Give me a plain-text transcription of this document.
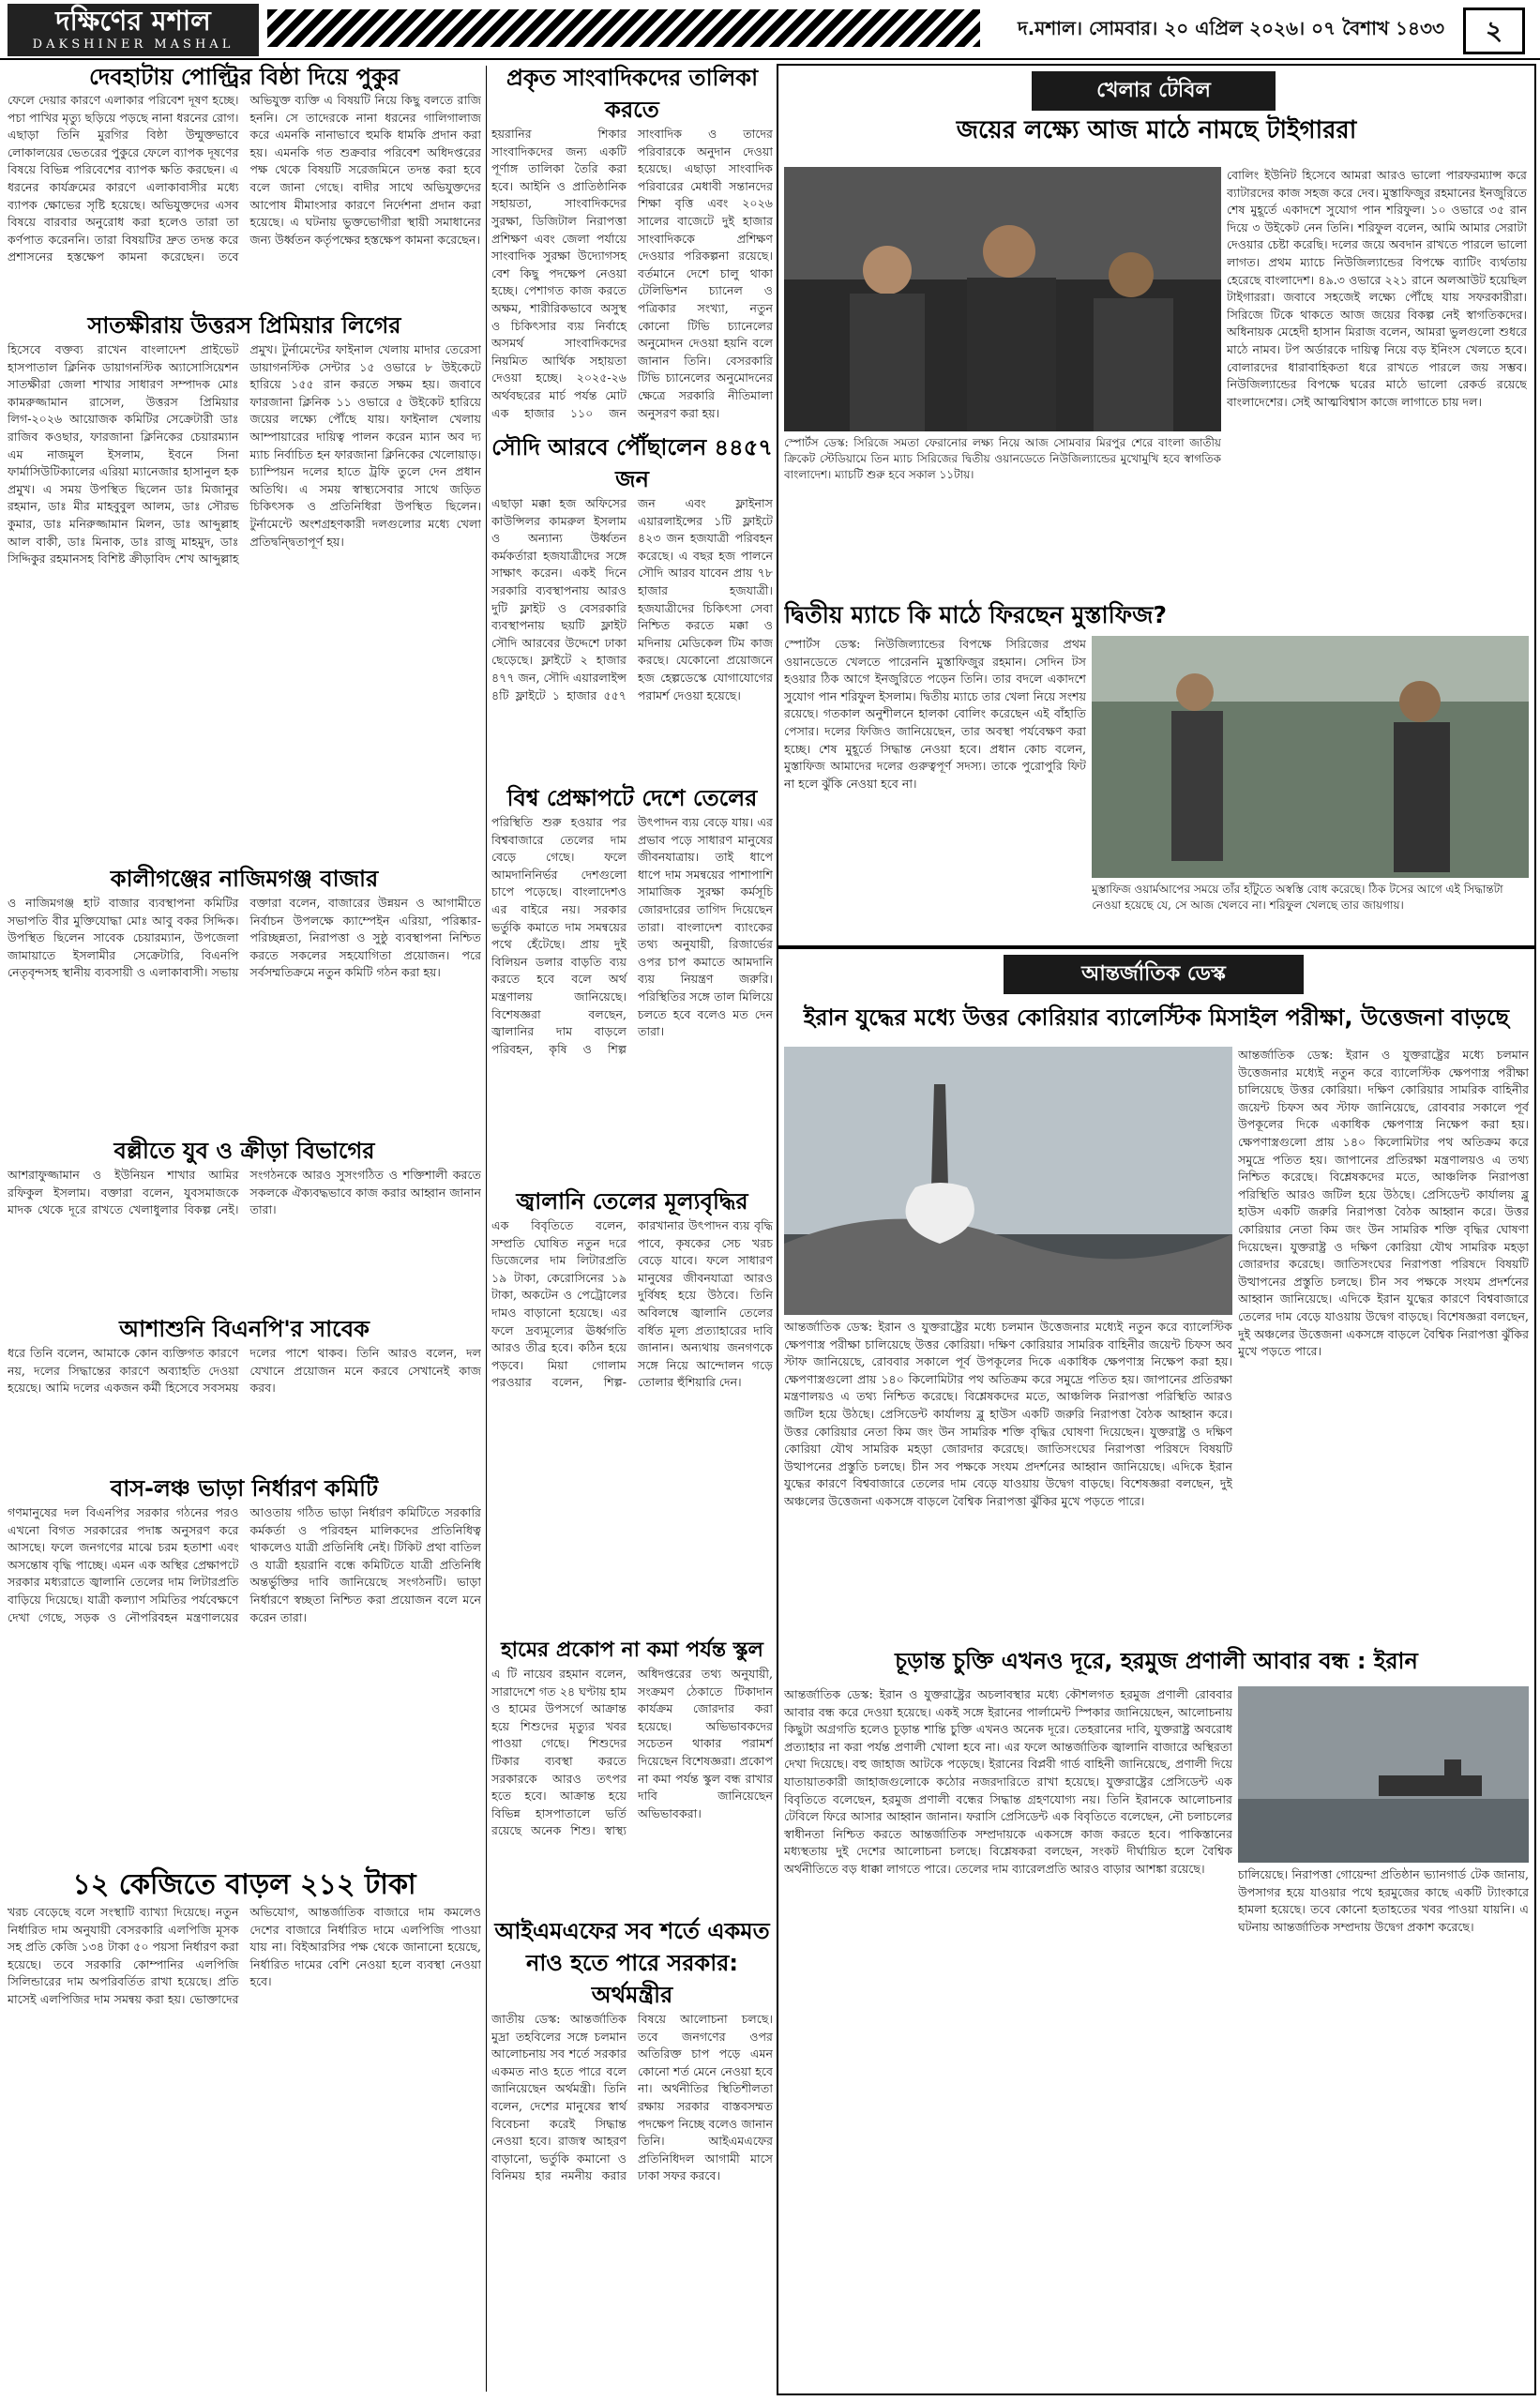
দক্ষিণের মশাল
DAKSHINER MASHAL
দ.মশাল। সোমবার। ২০ এপ্রিল ২০২৬। ০৭ বৈশাখ ১৪৩৩	২
দেবহাটায় পোল্ট্রির বিষ্ঠা দিয়ে পুকুর
ফেলে দেয়ার কারণে এলাকার পরিবেশ দূষণ হচ্ছে। পচা পাখির মৃত্যু ছড়িয়ে পড়ছে নানা ধরনের রোগ। এছাড়া তিনি মুরগির বিষ্ঠা উন্মুক্তভাবে লোকালয়ের ভেতরের পুকুরে ফেলে ব্যাপক দূষণের বিষয়ে বিভিন্ন পরিবেশের ব্যাপক ক্ষতি করছেন। এ ধরনের কার্যক্রমের কারণে এলাকাবাসীর মধ্যে ব্যাপক ক্ষোভের সৃষ্টি হয়েছে। অভিযুক্তদের এসব বিষয়ে বারবার অনুরোধ করা হলেও তারা তা কর্ণপাত করেননি। তারা বিষয়টির দ্রুত তদন্ত করে প্রশাসনের হস্তক্ষেপ কামনা করেছেন। তবে অভিযুক্ত ব্যক্তি এ বিষয়টি নিয়ে কিছু বলতে রাজি হননি। সে তাদেরকে নানা ধরনের গালিগালাজ করে এমনকি নানাভাবে হুমকি ধামকি প্রদান করা হয়। এমনকি গত শুক্রবার পরিবেশ অধিদপ্তরের পক্ষ থেকে বিষয়টি সরেজমিনে তদন্ত করা হবে বলে জানা গেছে। বাদীর সাথে অভিযুক্তদের আপোষ মীমাংসার কারণে নির্দেশনা প্রদান করা হয়েছে। এ ঘটনায় ভুক্তভোগীরা স্থায়ী সমাধানের জন্য উর্ধ্বতন কর্তৃপক্ষের হস্তক্ষেপ কামনা করেছেন।
সাতক্ষীরায় উত্তরস প্রিমিয়ার লিগের
হিসেবে বক্তব্য রাখেন বাংলাদেশ প্রাইভেট হাসপাতাল ক্লিনিক ডায়াগনস্টিক অ্যাসোসিয়েশন সাতক্ষীরা জেলা শাখার সাধারণ সম্পাদক মোঃ কামরুজ্জামান রাসেল, উত্তরস প্রিমিয়ার লিগ-২০২৬ আয়োজক কমিটির সেক্রেটারী ডাঃ রাজিব কওছার, ফারজানা ক্লিনিকের চেয়ারম্যান এম নাজমুল ইসলাম, ইবনে সিনা ফার্মাসিউটিক্যালের এরিয়া ম্যানেজার হাসানুল হক প্রমুখ। এ সময় উপস্থিত ছিলেন ডাঃ মিজানুর রহমান, ডাঃ মীর মাহবুবুল আলম, ডাঃ সৌরভ কুমার, ডাঃ মনিরুজ্জামান মিলন, ডাঃ আব্দুল্লাহ আল বাকী, ডাঃ মিনাক, ডাঃ রাজু মাহমুদ, ডাঃ সিদ্দিকুর রহমানসহ বিশিষ্ট ক্রীড়াবিদ শেখ আব্দুল্লাহ প্রমুখ। টুর্নামেন্টের ফাইনাল খেলায় মাদার তেরেসা ডায়াগনস্টিক সেন্টার ১৫ ওভারে ৮ উইকেটে হারিয়ে ১৫৫ রান করতে সক্ষম হয়। জবাবে ফারজানা ক্লিনিক ১১ ওভারে ৫ উইকেট হারিয়ে জয়ের লক্ষ্যে পৌঁছে যায়। ফাইনাল খেলায় আম্পায়ারের দায়িত্ব পালন করেন ম্যান অব দ্য ম্যাচ নির্বাচিত হন ফারজানা ক্লিনিকের খেলোয়াড়। চ্যাম্পিয়ন দলের হাতে ট্রফি তুলে দেন প্রধান অতিথি। এ সময় স্বাস্থ্যসেবার সাথে জড়িত চিকিৎসক ও প্রতিনিধিরা উপস্থিত ছিলেন। টুর্নামেন্টে অংশগ্রহণকারী দলগুলোর মধ্যে খেলা প্রতিদ্বন্দ্বিতাপূর্ণ হয়।
কালীগঞ্জের নাজিমগঞ্জ বাজার
ও নাজিমগঞ্জ হাট বাজার ব্যবস্থাপনা কমিটির সভাপতি বীর মুক্তিযোদ্ধা মোঃ আবু বকর সিদ্দিক। উপস্থিত ছিলেন সাবেক চেয়ারম্যান, উপজেলা জামায়াতে ইসলামীর সেক্রেটারি, বিএনপি নেতৃবৃন্দসহ স্থানীয় ব্যবসায়ী ও এলাকাবাসী। সভায় বক্তারা বলেন, বাজারের উন্নয়ন ও আগামীতে নির্বাচন উপলক্ষে ক্যাম্পেইন এরিয়া, পরিষ্কার-পরিচ্ছন্নতা, নিরাপত্তা ও সুষ্ঠু ব্যবস্থাপনা নিশ্চিত করতে সকলের সহযোগিতা প্রয়োজন। পরে সর্বসম্মতিক্রমে নতুন কমিটি গঠন করা হয়।
বল্লীতে যুব ও ক্রীড়া বিভাগের
আশরাফুজ্জামান ও ইউনিয়ন শাখার আমির রফিকুল ইসলাম। বক্তারা বলেন, যুবসমাজকে মাদক থেকে দূরে রাখতে খেলাধুলার বিকল্প নেই। সংগঠনকে আরও সুসংগঠিত ও শক্তিশালী করতে সকলকে ঐক্যবদ্ধভাবে কাজ করার আহ্বান জানান তারা।
আশাশুনি বিএনপি'র সাবেক
ধরে তিনি বলেন, আমাকে কোন ব্যক্তিগত কারণে নয়, দলের সিদ্ধান্তের কারণে অব্যাহতি দেওয়া হয়েছে। আমি দলের একজন কর্মী হিসেবে সবসময় দলের পাশে থাকব। তিনি আরও বলেন, দল যেখানে প্রয়োজন মনে করবে সেখানেই কাজ করব।
বাস-লঞ্চ ভাড়া নির্ধারণ কমিটি
গণমানুষের দল বিএনপির সরকার গঠনের পরও এখনো বিগত সরকারের পদাঙ্ক অনুসরণ করে আসছে। ফলে জনগণের মাঝে চরম হতাশা এবং অসন্তোষ বৃদ্ধি পাচ্ছে। এমন এক অস্থির প্রেক্ষাপটে সরকার মধ্যরাতে জ্বালানি তেলের দাম লিটারপ্রতি বাড়িয়ে দিয়েছে। যাত্রী কল্যাণ সমিতির পর্যবেক্ষণে দেখা গেছে, সড়ক ও নৌপরিবহন মন্ত্রণালয়ের আওতায় গঠিত ভাড়া নির্ধারণ কমিটিতে সরকারি কর্মকর্তা ও পরিবহন মালিকদের প্রতিনিধিত্ব থাকলেও যাত্রী প্রতিনিধি নেই। টিকিট প্রথা বাতিল ও যাত্রী হয়রানি বন্ধে কমিটিতে যাত্রী প্রতিনিধি অন্তর্ভুক্তির দাবি জানিয়েছে সংগঠনটি। ভাড়া নির্ধারণে স্বচ্ছতা নিশ্চিত করা প্রয়োজন বলে মনে করেন তারা।
১২ কেজিতে বাড়ল ২১২ টাকা
খরচ বেড়েছে বলে সংস্থাটি ব্যাখ্যা দিয়েছে। নতুন নির্ধারিত দাম অনুযায়ী বেসরকারি এলপিজি মূসক সহ প্রতি কেজি ১৩৪ টাকা ৫০ পয়সা নির্ধারণ করা হয়েছে। তবে সরকারি কোম্পানির এলপিজি সিলিন্ডারের দাম অপরিবর্তিত রাখা হয়েছে। প্রতি মাসেই এলপিজির দাম সমন্বয় করা হয়। ভোক্তাদের অভিযোগ, আন্তর্জাতিক বাজারে দাম কমলেও দেশের বাজারে নির্ধারিত দামে এলপিজি পাওয়া যায় না। বিইআরসির পক্ষ থেকে জানানো হয়েছে, নির্ধারিত দামের বেশি নেওয়া হলে ব্যবস্থা নেওয়া হবে।
প্রকৃত সাংবাদিকদের তালিকা করতে
হয়রানির শিকার সাংবাদিকদের জন্য একটি পূর্ণাঙ্গ তালিকা তৈরি করা হবে। আইনি ও প্রাতিষ্ঠানিক সহায়তা, সাংবাদিকদের সুরক্ষা, ডিজিটাল নিরাপত্তা প্রশিক্ষণ এবং জেলা পর্যায়ে সাংবাদিক সুরক্ষা উদ্যোগসহ বেশ কিছু পদক্ষেপ নেওয়া হচ্ছে। পেশাগত কাজ করতে অক্ষম, শারীরিকভাবে অসুস্থ ও চিকিৎসার ব্যয় নির্বাহে অসমর্থ সাংবাদিকদের নিয়মিত আর্থিক সহায়তা দেওয়া হচ্ছে। ২০২৫-২৬ অর্থবছরের মার্চ পর্যন্ত মোট এক হাজার ১১০ জন সাংবাদিক ও তাদের পরিবারকে অনুদান দেওয়া হয়েছে। এছাড়া সাংবাদিক পরিবারের মেধাবী সন্তানদের শিক্ষা বৃত্তি এবং ২০২৬ সালের বাজেটে দুই হাজার সাংবাদিককে প্রশিক্ষণ দেওয়ার পরিকল্পনা রয়েছে। বর্তমানে দেশে চালু থাকা টেলিভিশন চ্যানেল ও পত্রিকার সংখ্যা, নতুন কোনো টিভি চ্যানেলের অনুমোদন দেওয়া হয়নি বলে জানান তিনি। বেসরকারি টিভি চ্যানেলের অনুমোদনের ক্ষেত্রে সরকারি নীতিমালা অনুসরণ করা হয়।
সৌদি আরবে পৌঁছালেন ৪৪৫৭ জন
এছাড়া মক্কা হজ অফিসের কাউন্সিলর কামরুল ইসলাম ও অন্যান্য উর্ধ্বতন কর্মকর্তারা হজযাত্রীদের সঙ্গে সাক্ষাৎ করেন। একই দিনে সরকারি ব্যবস্থাপনায় আরও দুটি ফ্লাইট ও বেসরকারি ব্যবস্থাপনায় ছয়টি ফ্লাইট সৌদি আরবের উদ্দেশে ঢাকা ছেড়েছে। ফ্লাইটে ২ হাজার ৪৭৭ জন, সৌদি এয়ারলাইন্স ৪টি ফ্লাইটে ১ হাজার ৫৫৭ জন এবং ফ্লাইনাস এয়ারলাইন্সের ১টি ফ্লাইটে ৪২৩ জন হজযাত্রী পরিবহন করেছে। এ বছর হজ পালনে সৌদি আরব যাবেন প্রায় ৭৮ হাজার হজযাত্রী। হজযাত্রীদের চিকিৎসা সেবা নিশ্চিত করতে মক্কা ও মদিনায় মেডিকেল টিম কাজ করছে। যেকোনো প্রয়োজনে হজ হেল্পডেস্কে যোগাযোগের পরামর্শ দেওয়া হয়েছে।
বিশ্ব প্রেক্ষাপটে দেশে তেলের
পরিস্থিতি শুরু হওয়ার পর বিশ্ববাজারে তেলের দাম বেড়ে গেছে। ফলে আমদানিনির্ভর দেশগুলো চাপে পড়েছে। বাংলাদেশও এর বাইরে নয়। সরকার ভর্তুকি কমাতে দাম সমন্বয়ের পথে হেঁটেছে। প্রায় দুই বিলিয়ন ডলার বাড়তি ব্যয় করতে হবে বলে অর্থ মন্ত্রণালয় জানিয়েছে। বিশেষজ্ঞরা বলছেন, জ্বালানির দাম বাড়লে পরিবহন, কৃষি ও শিল্প উৎপাদন ব্যয় বেড়ে যায়। এর প্রভাব পড়ে সাধারণ মানুষের জীবনযাত্রায়। তাই ধাপে ধাপে দাম সমন্বয়ের পাশাপাশি সামাজিক সুরক্ষা কর্মসূচি জোরদারের তাগিদ দিয়েছেন তারা। বাংলাদেশ ব্যাংকের তথ্য অনুযায়ী, রিজার্ভের ওপর চাপ কমাতে আমদানি ব্যয় নিয়ন্ত্রণ জরুরি। পরিস্থিতির সঙ্গে তাল মিলিয়ে চলতে হবে বলেও মত দেন তারা।
জ্বালানি তেলের মূল্যবৃদ্ধির
এক বিবৃতিতে বলেন, সম্প্রতি ঘোষিত নতুন দরে ডিজেলের দাম লিটারপ্রতি ১৯ টাকা, কেরোসিনের ১৯ টাকা, অকটেন ও পেট্রোলের দামও বাড়ানো হয়েছে। এর ফলে দ্রব্যমূল্যের ঊর্ধ্বগতি আরও তীব্র হবে। কঠিন হয়ে পড়বে। মিয়া গোলাম পরওয়ার বলেন, শিল্প-কারখানার উৎপাদন ব্যয় বৃদ্ধি পাবে, কৃষকের সেচ খরচ বেড়ে যাবে। ফলে সাধারণ মানুষের জীবনযাত্রা আরও দুর্বিষহ হয়ে উঠবে। তিনি অবিলম্বে জ্বালানি তেলের বর্ধিত মূল্য প্রত্যাহারের দাবি জানান। অন্যথায় জনগণকে সঙ্গে নিয়ে আন্দোলন গড়ে তোলার হুঁশিয়ারি দেন।
হামের প্রকোপ না কমা পর্যন্ত স্কুল
এ টি নায়েব রহমান বলেন, সারাদেশে গত ২৪ ঘণ্টায় হাম ও হামের উপসর্গে আক্রান্ত হয়ে শিশুদের মৃত্যুর খবর পাওয়া গেছে। শিশুদের টিকার ব্যবস্থা করতে সরকারকে আরও তৎপর হতে হবে। আক্রান্ত হয়ে বিভিন্ন হাসপাতালে ভর্তি রয়েছে অনেক শিশু। স্বাস্থ্য অধিদপ্তরের তথ্য অনুযায়ী, সংক্রমণ ঠেকাতে টিকাদান কার্যক্রম জোরদার করা হয়েছে। অভিভাবকদের সচেতন থাকার পরামর্শ দিয়েছেন বিশেষজ্ঞরা। প্রকোপ না কমা পর্যন্ত স্কুল বন্ধ রাখার দাবি জানিয়েছেন অভিভাবকরা।
আইএমএফের সব শর্তে একমত নাও হতে পারে সরকার: অর্থমন্ত্রীর
জাতীয় ডেস্ক: আন্তর্জাতিক মুদ্রা তহবিলের সঙ্গে চলমান আলোচনায় সব শর্তে সরকার একমত নাও হতে পারে বলে জানিয়েছেন অর্থমন্ত্রী। তিনি বলেন, দেশের মানুষের স্বার্থ বিবেচনা করেই সিদ্ধান্ত নেওয়া হবে। রাজস্ব আহরণ বাড়ানো, ভর্তুকি কমানো ও বিনিময় হার নমনীয় করার বিষয়ে আলোচনা চলছে। তবে জনগণের ওপর অতিরিক্ত চাপ পড়ে এমন কোনো শর্ত মেনে নেওয়া হবে না। অর্থনীতির স্থিতিশীলতা রক্ষায় সরকার বাস্তবসম্মত পদক্ষেপ নিচ্ছে বলেও জানান তিনি। আইএমএফের প্রতিনিধিদল আগামী মাসে ঢাকা সফর করবে।
খেলার টেবিল
জয়ের লক্ষ্যে আজ মাঠে নামছে টাইগাররা
বোলিং ইউনিট হিসেবে আমরা আরও ভালো পারফরম্যান্স করে ব্যাটারদের কাজ সহজ করে দেব। মুস্তাফিজুর রহমানের ইনজুরিতে শেষ মুহূর্তে একাদশে সুযোগ পান শরিফুল। ১০ ওভারে ৩৫ রান দিয়ে ৩ উইকেট নেন তিনি। শরিফুল বলেন, আমি আমার সেরাটা দেওয়ার চেষ্টা করেছি। দলের জয়ে অবদান রাখতে পারলে ভালো লাগত। প্রথম ম্যাচে নিউজিল্যান্ডের বিপক্ষে ব্যাটিং ব্যর্থতায় হেরেছে বাংলাদেশ। ৪৯.৩ ওভারে ২২১ রানে অলআউট হয়েছিল টাইগাররা। জবাবে সহজেই লক্ষ্যে পৌঁছে যায় সফরকারীরা। সিরিজে টিকে থাকতে আজ জয়ের বিকল্প নেই স্বাগতিকদের। অধিনায়ক মেহেদী হাসান মিরাজ বলেন, আমরা ভুলগুলো শুধরে মাঠে নামব। টপ অর্ডারকে দায়িত্ব নিয়ে বড় ইনিংস খেলতে হবে। বোলারদের ধারাবাহিকতা ধরে রাখতে পারলে জয় সম্ভব। নিউজিল্যান্ডের বিপক্ষে ঘরের মাঠে ভালো রেকর্ড রয়েছে বাংলাদেশের। সেই আত্মবিশ্বাস কাজে লাগাতে চায় দল।
স্পোর্টস ডেস্ক: সিরিজে সমতা ফেরানোর লক্ষ্য নিয়ে আজ সোমবার মিরপুর শেরে বাংলা জাতীয় ক্রিকেট স্টেডিয়ামে তিন ম্যাচ সিরিজের দ্বিতীয় ওয়ানডেতে নিউজিল্যান্ডের মুখোমুখি হবে স্বাগতিক বাংলাদেশ। ম্যাচটি শুরু হবে সকাল ১১টায়।
দ্বিতীয় ম্যাচে কি মাঠে ফিরছেন মুস্তাফিজ?
স্পোর্টস ডেস্ক: নিউজিল্যান্ডের বিপক্ষে সিরিজের প্রথম ওয়ানডেতে খেলতে পারেননি মুস্তাফিজুর রহমান। সেদিন টস হওয়ার ঠিক আগে ইনজুরিতে পড়েন তিনি। তার বদলে একাদশে সুযোগ পান শরিফুল ইসলাম। দ্বিতীয় ম্যাচে তার খেলা নিয়ে সংশয় রয়েছে। গতকাল অনুশীলনে হালকা বোলিং করেছেন এই বাঁহাতি পেসার। দলের ফিজিও জানিয়েছেন, তার অবস্থা পর্যবেক্ষণ করা হচ্ছে। শেষ মুহূর্তে সিদ্ধান্ত নেওয়া হবে। প্রধান কোচ বলেন, মুস্তাফিজ আমাদের দলের গুরুত্বপূর্ণ সদস্য। তাকে পুরোপুরি ফিট না হলে ঝুঁকি নেওয়া হবে না।
মুস্তাফিজ ওয়ার্মআপের সময়ে তাঁর হাঁটুতে অস্বস্তি বোধ করেছে। ঠিক টসের আগে এই সিদ্ধান্তটা নেওয়া হয়েছে যে, সে আজ খেলবে না। শরিফুল খেলছে তার জায়গায়।
আন্তর্জাতিক ডেস্ক
ইরান যুদ্ধের মধ্যে উত্তর কোরিয়ার ব্যালেস্টিক মিসাইল পরীক্ষা, উত্তেজনা বাড়ছে
আন্তর্জাতিক ডেস্ক: ইরান ও যুক্তরাষ্ট্রের মধ্যে চলমান উত্তেজনার মধ্যেই নতুন করে ব্যালেস্টিক ক্ষেপণাস্ত্র পরীক্ষা চালিয়েছে উত্তর কোরিয়া। দক্ষিণ কোরিয়ার সামরিক বাহিনীর জয়েন্ট চিফস অব স্টাফ জানিয়েছে, রোববার সকালে পূর্ব উপকূলের দিকে একাধিক ক্ষেপণাস্ত্র নিক্ষেপ করা হয়। ক্ষেপণাস্ত্রগুলো প্রায় ১৪০ কিলোমিটার পথ অতিক্রম করে সমুদ্রে পতিত হয়। জাপানের প্রতিরক্ষা মন্ত্রণালয়ও এ তথ্য নিশ্চিত করেছে। বিশ্লেষকদের মতে, আঞ্চলিক নিরাপত্তা পরিস্থিতি আরও জটিল হয়ে উঠছে। প্রেসিডেন্ট কার্যালয় ব্লু হাউস একটি জরুরি নিরাপত্তা বৈঠক আহ্বান করে। উত্তর কোরিয়ার নেতা কিম জং উন সামরিক শক্তি বৃদ্ধির ঘোষণা দিয়েছেন। যুক্তরাষ্ট্র ও দক্ষিণ কোরিয়া যৌথ সামরিক মহড়া জোরদার করেছে। জাতিসংঘের নিরাপত্তা পরিষদে বিষয়টি উত্থাপনের প্রস্তুতি চলছে। চীন সব পক্ষকে সংযম প্রদর্শনের আহ্বান জানিয়েছে। এদিকে ইরান যুদ্ধের কারণে বিশ্ববাজারে তেলের দাম বেড়ে যাওয়ায় উদ্বেগ বাড়ছে। বিশেষজ্ঞরা বলছেন, দুই অঞ্চলের উত্তেজনা একসঙ্গে বাড়লে বৈশ্বিক নিরাপত্তা ঝুঁকির মুখে পড়তে পারে।
আন্তর্জাতিক ডেস্ক: ইরান ও যুক্তরাষ্ট্রের মধ্যে চলমান উত্তেজনার মধ্যেই নতুন করে ব্যালেস্টিক ক্ষেপণাস্ত্র পরীক্ষা চালিয়েছে উত্তর কোরিয়া। দক্ষিণ কোরিয়ার সামরিক বাহিনীর জয়েন্ট চিফস অব স্টাফ জানিয়েছে, রোববার সকালে পূর্ব উপকূলের দিকে একাধিক ক্ষেপণাস্ত্র নিক্ষেপ করা হয়। ক্ষেপণাস্ত্রগুলো প্রায় ১৪০ কিলোমিটার পথ অতিক্রম করে সমুদ্রে পতিত হয়। জাপানের প্রতিরক্ষা মন্ত্রণালয়ও এ তথ্য নিশ্চিত করেছে। বিশ্লেষকদের মতে, আঞ্চলিক নিরাপত্তা পরিস্থিতি আরও জটিল হয়ে উঠছে। প্রেসিডেন্ট কার্যালয় ব্লু হাউস একটি জরুরি নিরাপত্তা বৈঠক আহ্বান করে। উত্তর কোরিয়ার নেতা কিম জং উন সামরিক শক্তি বৃদ্ধির ঘোষণা দিয়েছেন। যুক্তরাষ্ট্র ও দক্ষিণ কোরিয়া যৌথ সামরিক মহড়া জোরদার করেছে। জাতিসংঘের নিরাপত্তা পরিষদে বিষয়টি উত্থাপনের প্রস্তুতি চলছে। চীন সব পক্ষকে সংযম প্রদর্শনের আহ্বান জানিয়েছে। এদিকে ইরান যুদ্ধের কারণে বিশ্ববাজারে তেলের দাম বেড়ে যাওয়ায় উদ্বেগ বাড়ছে। বিশেষজ্ঞরা বলছেন, দুই অঞ্চলের উত্তেজনা একসঙ্গে বাড়লে বৈশ্বিক নিরাপত্তা ঝুঁকির মুখে পড়তে পারে।
চূড়ান্ত চুক্তি এখনও দূরে, হরমুজ প্রণালী আবার বন্ধ : ইরান
আন্তর্জাতিক ডেস্ক: ইরান ও যুক্তরাষ্ট্রের অচলাবস্থার মধ্যে কৌশলগত হরমুজ প্রণালী রোববার আবার বন্ধ করে দেওয়া হয়েছে। একই সঙ্গে ইরানের পার্লামেন্ট স্পিকার জানিয়েছেন, আলোচনায় কিছুটা অগ্রগতি হলেও চূড়ান্ত শান্তি চুক্তি এখনও অনেক দূরে। তেহরানের দাবি, যুক্তরাষ্ট্র অবরোধ প্রত্যাহার না করা পর্যন্ত প্রণালী খোলা হবে না। এর ফলে আন্তর্জাতিক জ্বালানি বাজারে অস্থিরতা দেখা দিয়েছে। বহু জাহাজ আটকে পড়েছে। ইরানের বিপ্লবী গার্ড বাহিনী জানিয়েছে, প্রণালী দিয়ে যাতায়াতকারী জাহাজগুলোকে কঠোর নজরদারিতে রাখা হয়েছে। যুক্তরাষ্ট্রের প্রেসিডেন্ট এক বিবৃতিতে বলেছেন, হরমুজ প্রণালী বন্ধের সিদ্ধান্ত গ্রহণযোগ্য নয়। তিনি ইরানকে আলোচনার টেবিলে ফিরে আসার আহ্বান জানান। ফরাসি প্রেসিডেন্ট এক বিবৃতিতে বলেছেন, নৌ চলাচলের স্বাধীনতা নিশ্চিত করতে আন্তর্জাতিক সম্প্রদায়কে একসঙ্গে কাজ করতে হবে। পাকিস্তানের মধ্যস্থতায় দুই দেশের আলোচনা চলছে। বিশ্লেষকরা বলছেন, সংকট দীর্ঘায়িত হলে বৈশ্বিক অর্থনীতিতে বড় ধাক্কা লাগতে পারে। তেলের দাম ব্যারেলপ্রতি আরও বাড়ার আশঙ্কা রয়েছে।	চালিয়েছে। নিরাপত্তা গোয়েন্দা প্রতিষ্ঠান ভ্যানগার্ড টেক জানায়, উপসাগর হয়ে যাওয়ার পথে হরমুজের কাছে একটি ট্যাংকারে হামলা হয়েছে। তবে কোনো হতাহতের খবর পাওয়া যায়নি। এ ঘটনায় আন্তর্জাতিক সম্প্রদায় উদ্বেগ প্রকাশ করেছে।
